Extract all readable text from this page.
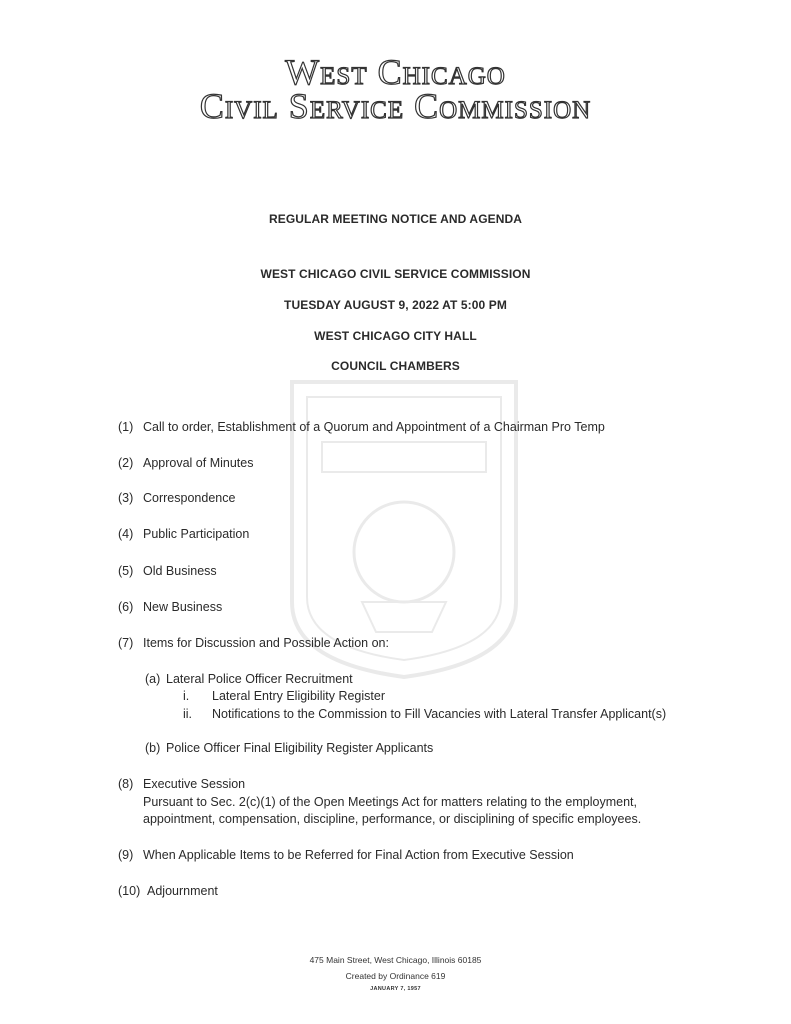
West Chicago
Civil Service Commission
REGULAR MEETING NOTICE AND AGENDA
WEST CHICAGO CIVIL SERVICE COMMISSION
TUESDAY AUGUST 9, 2022 AT 5:00 PM
WEST CHICAGO CITY HALL
COUNCIL CHAMBERS
(1) Call to order, Establishment of a Quorum and Appointment of a Chairman Pro Temp
(2) Approval of Minutes
(3) Correspondence
(4) Public Participation
(5) Old Business
(6) New Business
(7) Items for Discussion and Possible Action on:
(a) Lateral Police Officer Recruitment
i. Lateral Entry Eligibility Register
ii. Notifications to the Commission to Fill Vacancies with Lateral Transfer Applicant(s)
(b) Police Officer Final Eligibility Register Applicants
(8) Executive Session
Pursuant to Sec. 2(c)(1) of the Open Meetings Act for matters relating to the employment,
appointment, compensation, discipline, performance, or disciplining of specific employees.
(9) When Applicable Items to be Referred for Final Action from Executive Session
(10) Adjournment
475 Main Street, West Chicago, Illinois 60185
Created by Ordinance 619
JANUARY 7, 1957
